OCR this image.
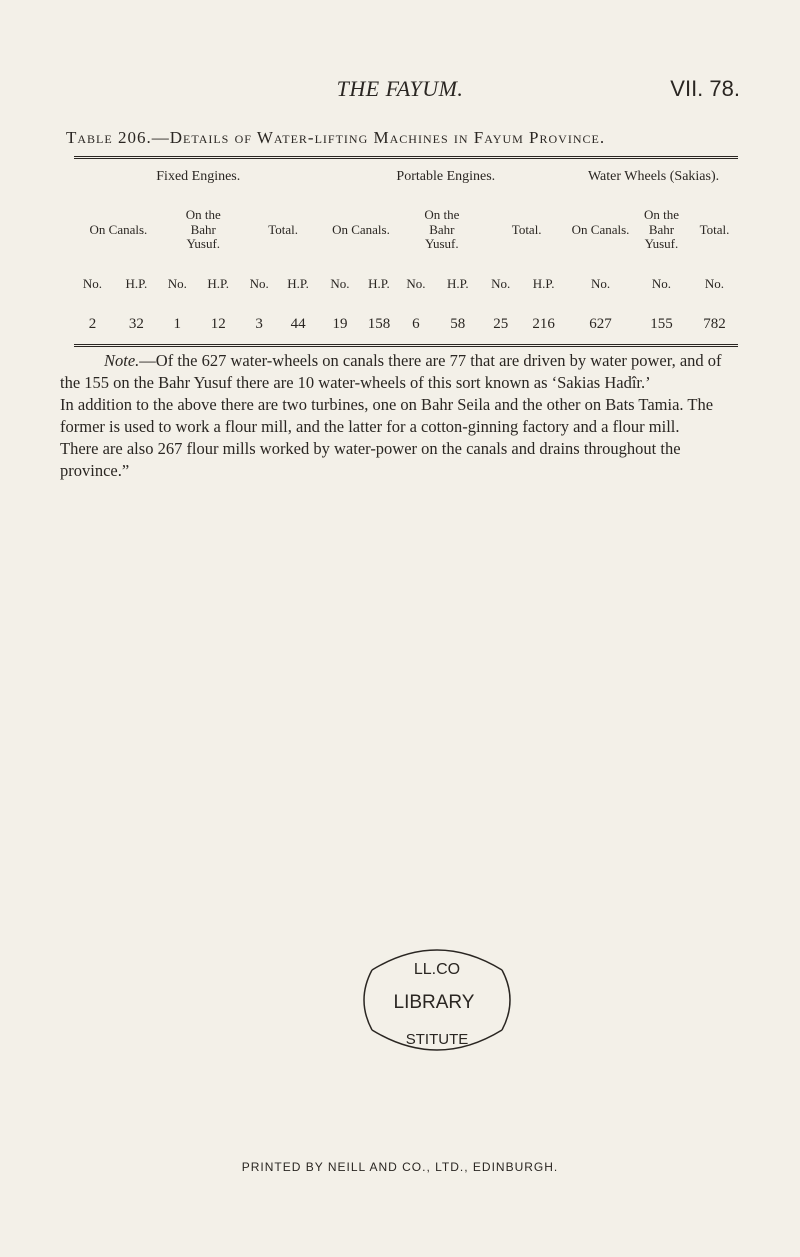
THE FAYUM.	VII. 78.
Table 206.—Details of Water-lifting Machines in Fayum Province.
Fixed Engines.						Portable Engines.						Water Wheels (Sakias).		
On Canals.		On the
Bahr
Yusuf.		Total.		On Canals.		On the
Bahr
Yusuf.		Total.		On Canals.	On the
Bahr
Yusuf.	Total.
No.	H.P.	No.	H.P.	No.	H.P.	No.	H.P.	No.	H.P.	No.	H.P.	No.	No.	No.
2	32	1	12	3	44	19	158	6	58	25	216	627	155	782

Note.—Of the 627 water-wheels on canals there are 77 that are driven by water power, and of the 155 on the Bahr Yusuf there are 10 water-wheels of this sort known as ‘Sakias Hadîr.’

In addition to the above there are two turbines, one on Bahr Seila and the other on Bats Tamia. The former is used to work a flour mill, and the latter for a cotton-ginning factory and a flour mill.

There are also 267 flour mills worked by water-power on the canals and drains throughout the province.”

LL.CO
LIBRARY
STITUTE
PRINTED BY NEILL AND CO., LTD., EDINBURGH.
